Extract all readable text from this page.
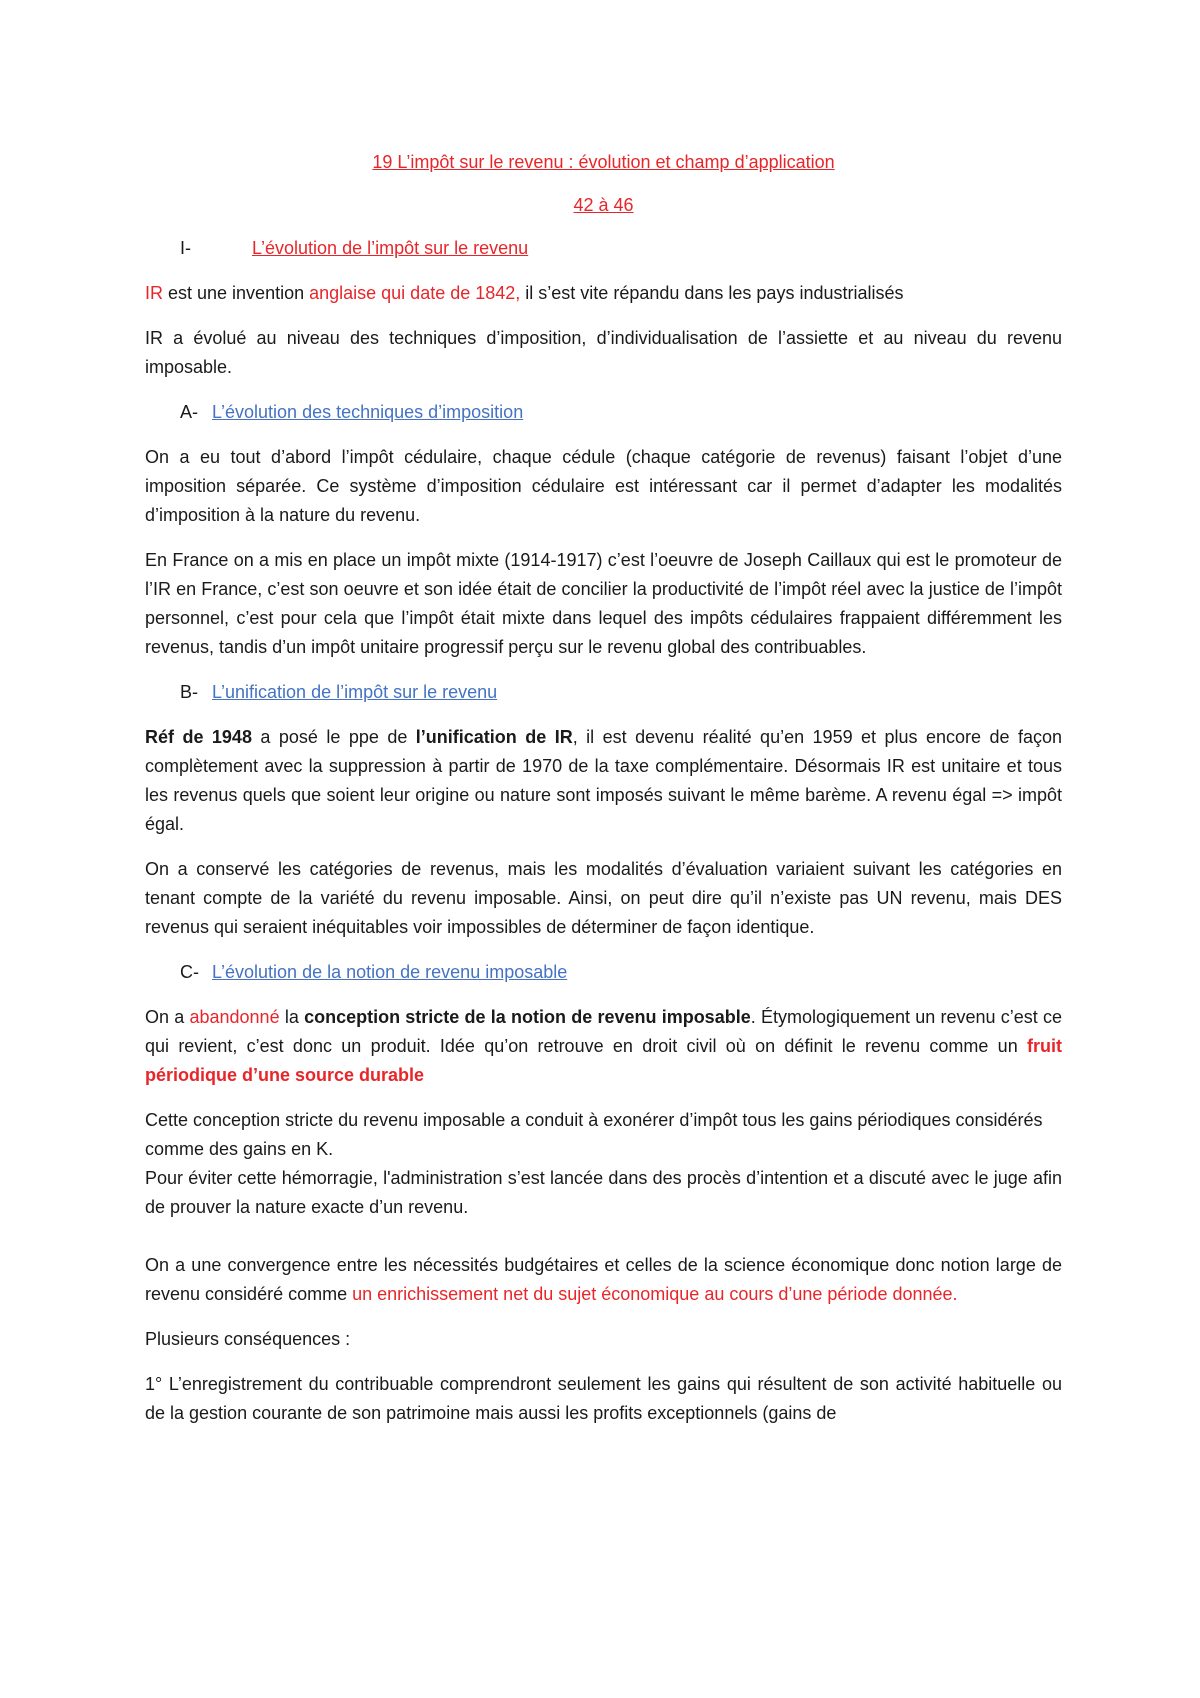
19 L’impôt sur le revenu : évolution et champ d’application

42 à 46

I-	L’évolution de l’impôt sur le revenu

IR est une invention anglaise qui date de 1842, il s’est vite répandu dans les pays industrialisés

IR a évolué au niveau des techniques d’imposition, d’individualisation de l’assiette et au niveau du revenu imposable.

A- L’évolution des techniques d’imposition

On a eu tout d’abord l’impôt cédulaire, chaque cédule (chaque catégorie de revenus) faisant l’objet d’une imposition séparée. Ce système d’imposition cédulaire est intéressant car il permet d’adapter les modalités d’imposition à la nature du revenu.

En France on a mis en place un impôt mixte (1914-1917) c’est l’oeuvre de Joseph Caillaux qui est le promoteur de l’IR en France, c’est son oeuvre et son idée était de concilier la productivité de l’impôt réel avec la justice de l’impôt personnel, c’est pour cela que l’impôt était mixte dans lequel des impôts cédulaires frappaient différemment les revenus, tandis d’un impôt unitaire progressif perçu sur le revenu global des contribuables.

B- L’unification de l’impôt sur le revenu

Réf de 1948 a posé le ppe de l’unification de IR, il est devenu réalité qu’en 1959 et plus encore de façon complètement avec la suppression à partir de 1970 de la taxe complémentaire. Désormais IR est unitaire et tous les revenus quels que soient leur origine ou nature sont imposés suivant le même barème. A revenu égal => impôt égal.

On a conservé les catégories de revenus, mais les modalités d’évaluation variaient suivant les catégories en tenant compte de la variété du revenu imposable. Ainsi, on peut dire qu’il n’existe pas UN revenu, mais DES revenus qui seraient inéquitables voir impossibles de déterminer de façon identique.

C- L’évolution de la notion de revenu imposable

On a abandonné la conception stricte de la notion de revenu imposable. Étymologiquement un revenu c’est ce qui revient, c’est donc un produit. Idée qu’on retrouve en droit civil où on définit le revenu comme un fruit périodique d’une source durable

Cette conception stricte du revenu imposable a conduit à exonérer d’impôt tous les gains périodiques considérés comme des gains en K.

Pour éviter cette hémorragie, l'administration s’est lancée dans des procès d’intention et a discuté avec le juge afin de prouver la nature exacte d’un revenu.

On a une convergence entre les nécessités budgétaires et celles de la science économique donc notion large de revenu considéré comme un enrichissement net du sujet économique au cours d’une période donnée.

Plusieurs conséquences :

1° L’enregistrement du contribuable comprendront seulement les gains qui résultent de son activité habituelle ou de la gestion courante de son patrimoine mais aussi les profits exceptionnels (gains de
